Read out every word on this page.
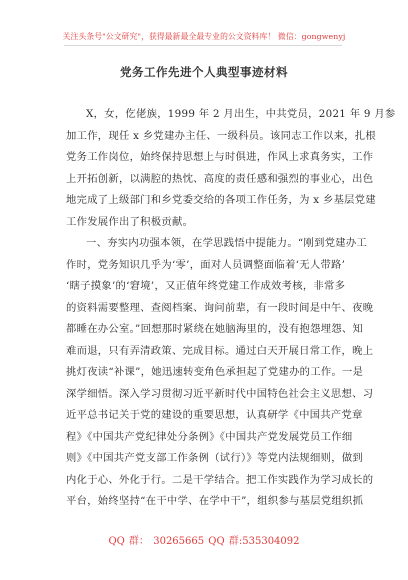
关注头条号"公文研究"，获得最新最全最专业的公文资料库！ 微信：gongwenyj
党务工作先进个人典型事迹材料
X，女，仡佬族，1999 年 2 月出生，中共党员，2021 年 9 月参
加工作，现任 x 乡党建办主任、一级科员。该同志工作以来，扎根
党务工作岗位，始终保持思想上与时俱进，作风上求真务实，工作
上开拓创新，以满腔的热忱、高度的责任感和强烈的事业心，出色
地完成了上级部门和乡党委交给的各项工作任务，为 x 乡基层党建
工作发展作出了积极贡献。
一、夯实内功强本领，在学思践悟中提能力。“刚到党建办工
作时，党务知识几乎为‘零’，面对人员调整面临着‘无人带路’
‘瞎子摸象’的‘窘境’，又正值年终党建工作成效考核，非常多
的资料需要整理、查阅档案、询问前辈，有一段时间是中午、夜晚
都睡在办公室。”回想那时紧绕在她脑海里的，没有抱怨埋怨、知
难而退，只有弄清政策、完成目标。通过白天开展日常工作，晚上
挑灯夜读“补课”，她迅速转变角色承担起了党建办的工作。一是
深学细悟。深入学习贯彻习近平新时代中国特色社会主义思想、习
近平总书记关于党的建设的重要思想，认真研学《中国共产党章
程》《中国共产党纪律处分条例》《中国共产党发展党员工作细
则》《中国共产党支部工作条例（试行）》等党内法规细则，做到
内化于心、外化于行。二是干学结合。把工作实践作为学习成长的
平台，始终坚持“在干中学、在学中干”，组织参与基层党组织抓
QQ 群： 30265665 QQ 群:535304092
